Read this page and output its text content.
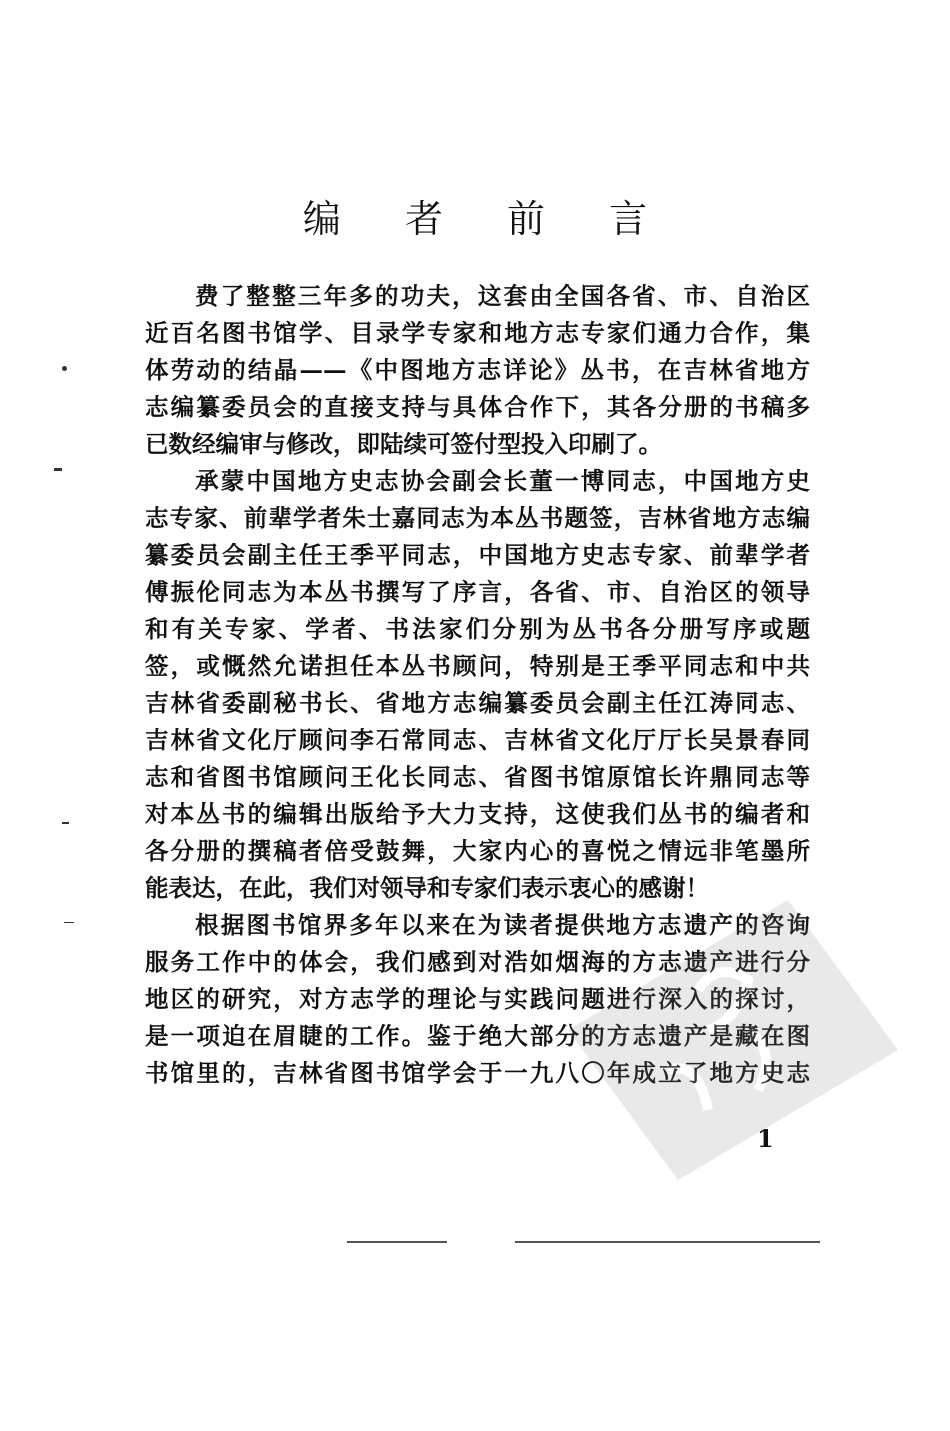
编 者 前 言
费了整整三年多的功夫，这套由全国各省、市、自治区
近百名图书馆学、目录学专家和地方志专家们通力合作，集
体劳动的结晶——《中图地方志详论》丛书，在吉林省地方
志编纂委员会的直接支持与具体合作下，其各分册的书稿多
已数经编审与修改，即陆续可签付型投入印刷了。
承蒙中国地方史志协会副会长董一博同志，中国地方史
志专家、前辈学者朱士嘉同志为本丛书题签，吉林省地方志编
纂委员会副主任王季平同志，中国地方史志专家、前辈学者
傅振伦同志为本丛书撰写了序言，各省、市、自治区的领导
和有关专家、学者、书法家们分别为丛书各分册写序或题
签，或慨然允诺担任本丛书顾问，特别是王季平同志和中共
吉林省委副秘书长、省地方志编纂委员会副主任江涛同志、
吉林省文化厅顾问李石常同志、吉林省文化厅厅长吴景春同
志和省图书馆顾问王化长同志、省图书馆原馆长许鼎同志等
对本丛书的编辑出版给予大力支持，这使我们丛书的编者和
各分册的撰稿者倍受鼓舞，大家内心的喜悦之情远非笔墨所
能表达，在此，我们对领导和专家们表示衷心的感谢！
根据图书馆界多年以来在为读者提供地方志遗产的咨询
服务工作中的体会，我们感到对浩如烟海的方志遗产进行分
地区的研究，对方志学的理论与实践问题进行深入的探讨，
是一项迫在眉睫的工作。鉴于绝大部分的方志遗产是藏在图
书馆里的，吉林省图书馆学会于一九八〇年成立了地方史志
1
